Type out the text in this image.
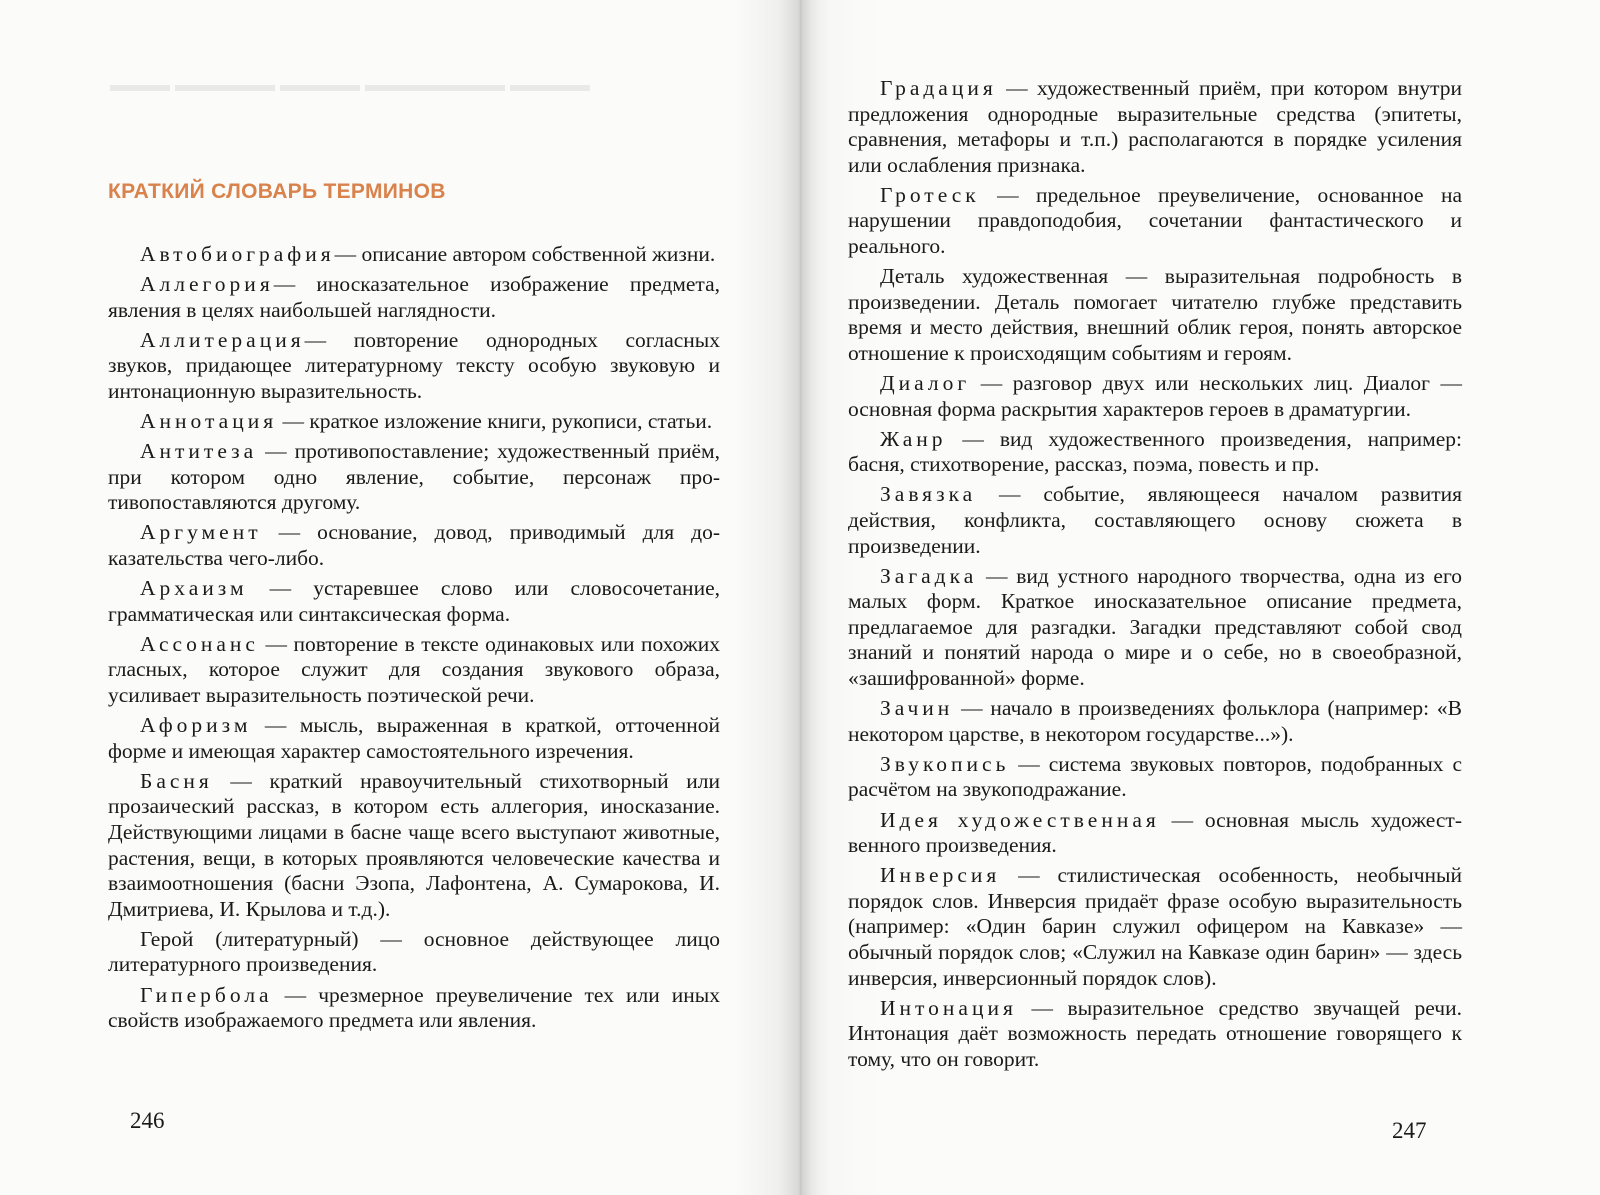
▬▬▬ ▬▬▬▬▬ ▬▬▬▬ ▬▬▬▬▬▬▬ ▬▬▬▬
КРАТКИЙ СЛОВАРЬ ТЕРМИНОВ

Автобиография— описание автором собственной жизни.

Аллегория— иносказательное изображение предмета, явления в целях наибольшей наглядности.

Аллитерация— повторение однородных согласных звуков, придающее литературному тексту особую звуковую и интонационную выразительность.

Аннотация — краткое изложение книги, рукописи, статьи.

Антитеза — противопоставление; художественный приём, при котором одно явление, событие, персонаж противопоставляются другому.

Аргумент — основание, довод, приводимый для доказательства чего-либо.

Архаизм — устаревшее слово или словосочетание, грамматическая или синтаксическая форма.

Ассонанс — повторение в тексте одинаковых или похожих гласных, которое служит для создания звукового образа, усиливает выразительность поэтической речи.

Афоризм — мысль, выраженная в краткой, отточенной форме и имеющая характер самостоятельного изречения.

Басня — краткий нравоучительный стихотворный или прозаический рассказ, в котором есть аллегория, иносказание. Действующими лицами в басне чаще всего выступают животные, растения, вещи, в которых проявляются человеческие качества и взаимоотношения (басни Эзопа, Лафонтена, А. Сумарокова, И. Дмитриева, И. Крылова и т.д.).

Герой (литературный) — основное действующее лицо литературного произведения.

Гипербола — чрезмерное преувеличение тех или иных свойств изображаемого предмета или явления.

246

Градация — художественный приём, при котором внутри предложения однородные выразительные средства (эпитеты, сравнения, метафоры и т.п.) располагаются в порядке усиления или ослабления признака.

Гротеск — предельное преувеличение, основанное на нарушении правдоподобия, сочетании фантастического и реального.

Деталь художественная — выразительная подробность в произведении. Деталь помогает читателю глубже представить время и место действия, внешний облик героя, понять авторское отношение к происходящим событиям и героям.

Диалог — разговор двух или нескольких лиц. Диалог — основная форма раскрытия характеров героев в драматургии.

Жанр — вид художественного произведения, например: басня, стихотворение, рассказ, поэма, повесть и пр.

Завязка — событие, являющееся началом развития действия, конфликта, составляющего основу сюжета в произведении.

Загадка — вид устного народного творчества, одна из его малых форм. Краткое иносказательное описание предмета, предлагаемое для разгадки. Загадки представляют собой свод знаний и понятий народа о мире и о себе, но в своеобразной, «зашифрованной» форме.

Зачин — начало в произведениях фольклора (например: «В некотором царстве, в некотором государстве...»).

Звукопись — система звуковых повторов, подобранных с расчётом на звукоподражание.

Идея художественная — основная мысль художественного произведения.

Инверсия — стилистическая особенность, необычный порядок слов. Инверсия придаёт фразе особую выразительность (например: «Один барин служил офицером на Кавказе» — обычный порядок слов; «Служил на Кавказе один барин» — здесь инверсия, инверсионный порядок слов).

Интонация — выразительное средство звучащей речи. Интонация даёт возможность передать отношение говорящего к тому, что он говорит.

247
